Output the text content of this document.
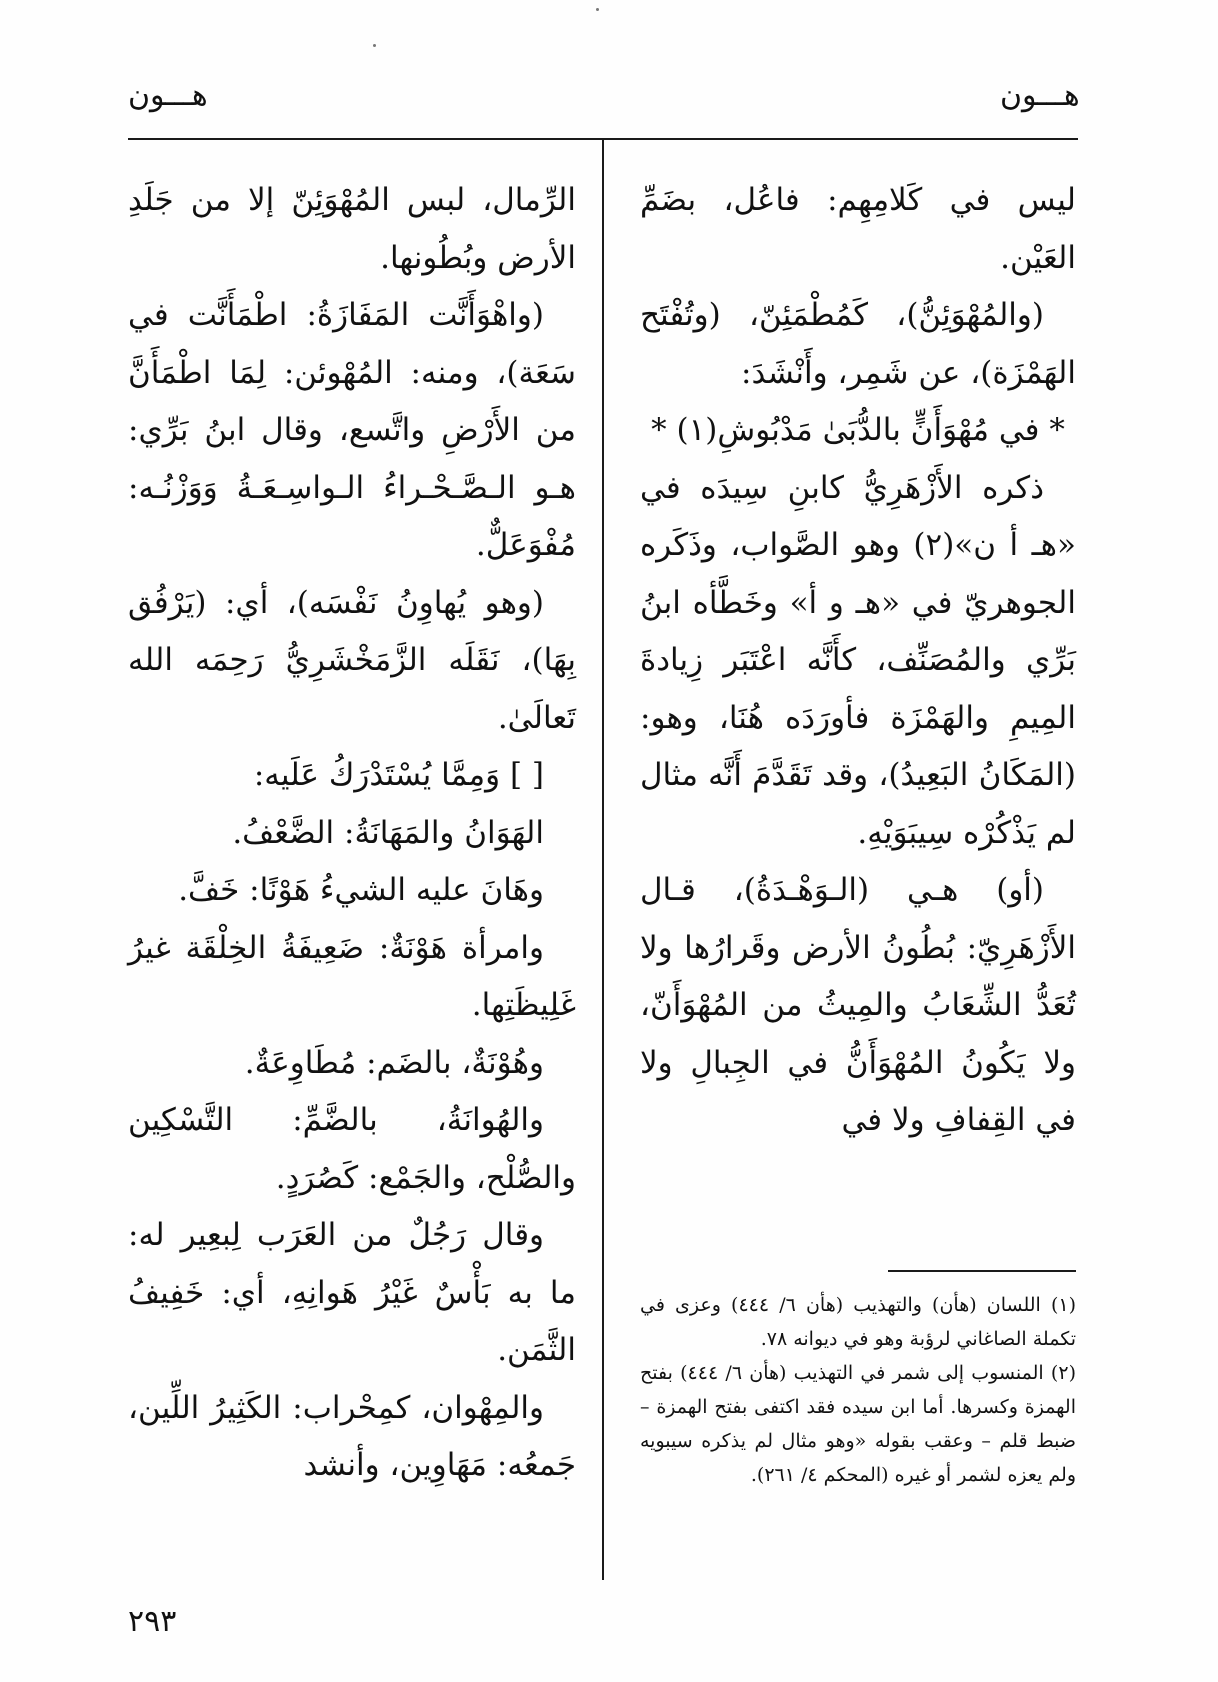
هـــون	هـــون

ليس في كَلامِهِم: فاعُل، بضَمِّ العَيْن.

(والمُهْوَئِنُّ)، كَمُطْمَئِنّ، (وتُفْتَح الهَمْزَة)، عن شَمِر، وأَنْشَدَ:

* في مُهْوَأَنٍّ بالدُّبَىٰ مَدْبُوشِ(١) *

ذكره الأَزْهَرِيُّ كابنِ سِيدَه في «هـ أ ن»(٢) وهو الصَّواب، وذَكَره الجوهريّ في «هـ و أ» وخَطَّأه ابنُ بَرِّي والمُصَنِّف، كأَنَّه اعْتَبَر زِيادةَ المِيمِ والهَمْزَة فأورَدَه هُنَا، وهو: (المَكَانُ البَعِيدُ)، وقد تَقَدَّمَ أَنَّه مثال لم يَذْكُرْه سِيبَوَيْهِ.

(أو) هـي (الـوَهْـدَةُ)، قـال الأَزْهَرِيّ: بُطُونُ الأرض وقَرارُها ولا تُعَدُّ الشِّعَابُ والمِيثُ من المُهْوَأَنّ، ولا يَكُونُ المُهْوَأَنُّ في الجِبالِ ولا في القِفافِ ولا في

(١) اللسان (هأن) والتهذيب (هأن ٦/ ٤٤٤) وعزى في تكملة الصاغاني لرؤبة وهو في ديوانه ٧٨.

(٢) المنسوب إلى شمر في التهذيب (هأن ٦/ ٤٤٤) بفتح الهمزة وكسرها. أما ابن سيده فقد اكتفى بفتح الهمزة – ضبط قلم – وعقب بقوله «وهو مثال لم يذكره سيبويه ولم يعزه لشمر أو غيره (المحكم ٤/ ٢٦١).

الرِّمال، لبس المُهْوَئِنّ إلا من جَلَدِ الأرض وبُطُونها.

(واهْوَأَنَّت المَفَازَةُ: اطْمَأَنَّت في سَعَة)، ومنه: المُهْوئن: لِمَا اطْمَأَنَّ من الأَرْضِ واتَّسع، وقال ابنُ بَرِّي: هـو الـصَّـحْـراءُ الـواسِـعَـةُ وَوَزْنُـه: مُفْوَعَلٌّ.

(وهو يُهاوِنُ نَفْسَه)، أي: (يَرْفُق بِهَا)، نَقَلَه الزَّمَخْشَرِيُّ رَحِمَه الله تَعالَىٰ.

[ ] وَمِمَّا يُسْتَدْرَكُ عَلَيه:

الهَوَانُ والمَهَانَةُ: الضَّعْفُ.

وهَانَ عليه الشيءُ هَوْنًا: خَفَّ.

وامرأة هَوْنَةٌ: ضَعِيفَةُ الخِلْقَة غيرُ غَلِيظَتِها.

وهُوْنَةٌ، بالضَم: مُطَاوِعَةٌ.

والهُوانَةُ، بالضَّمِّ: التَّسْكِين والصُّلْح، والجَمْع: كَصُرَدٍ.

وقال رَجُلٌ من العَرَب لِبعِير له: ما به بَأْسٌ غَيْرُ هَوانِهِ، أي: خَفِيفُ الثَّمَن.

والمِهْوان، كمِحْراب: الكَثِيرُ اللِّين، جَمعُه: مَهَاوِين، وأنشد

٢٩٣
